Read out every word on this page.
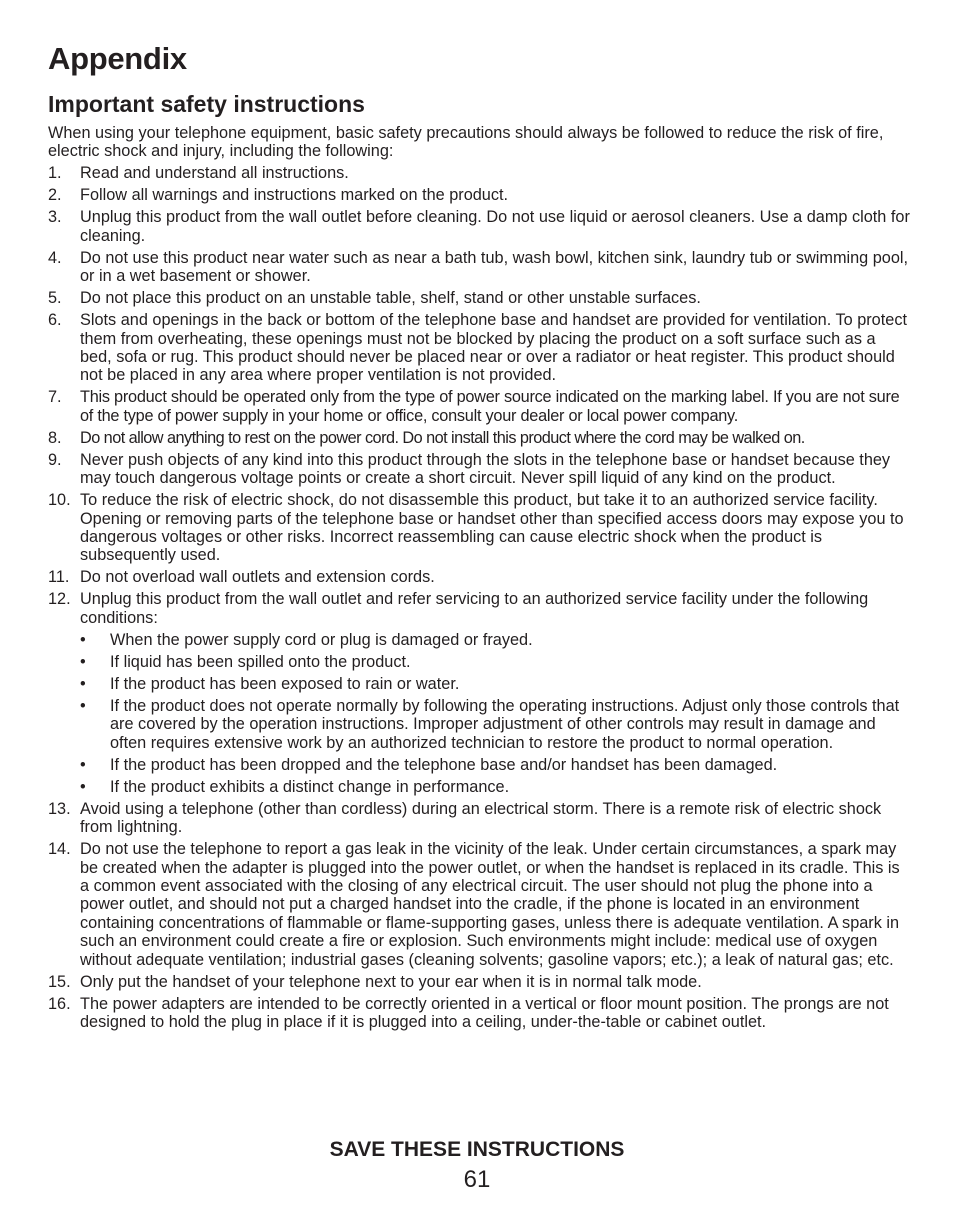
Appendix
Important safety instructions

When using your telephone equipment, basic safety precautions should always be followed to reduce the risk of fire, electric shock and injury, including the following:

1. Read and understand all instructions.
2. Follow all warnings and instructions marked on the product.
3. Unplug this product from the wall outlet before cleaning. Do not use liquid or aerosol cleaners. Use a damp cloth for cleaning.
4. Do not use this product near water such as near a bath tub, wash bowl, kitchen sink, laundry tub or swimming pool, or in a wet basement or shower.
5. Do not place this product on an unstable table, shelf, stand or other unstable surfaces.
6. Slots and openings in the back or bottom of the telephone base and handset are provided for ventilation. To protect them from overheating, these openings must not be blocked by placing the product on a soft surface such as a bed, sofa or rug. This product should never be placed near or over a radiator or heat register. This product should not be placed in any area where proper ventilation is not provided.
7. This product should be operated only from the type of power source indicated on the marking label. If you are not sure of the type of power supply in your home or office, consult your dealer or local power company.
8. Do not allow anything to rest on the power cord. Do not install this product where the cord may be walked on.
9. Never push objects of any kind into this product through the slots in the telephone base or handset because they may touch dangerous voltage points or create a short circuit. Never spill liquid of any kind on the product.
10. To reduce the risk of electric shock, do not disassemble this product, but take it to an authorized service facility. Opening or removing parts of the telephone base or handset other than specified access doors may expose you to dangerous voltages or other risks. Incorrect reassembling can cause electric shock when the product is subsequently used.
11. Do not overload wall outlets and extension cords.
12. Unplug this product from the wall outlet and refer servicing to an authorized service facility under the following conditions:
• When the power supply cord or plug is damaged or frayed.
• If liquid has been spilled onto the product.
• If the product has been exposed to rain or water.
• If the product does not operate normally by following the operating instructions. Adjust only those controls that are covered by the operation instructions. Improper adjustment of other controls may result in damage and often requires extensive work by an authorized technician to restore the product to normal operation.
• If the product has been dropped and the telephone base and/or handset has been damaged.
• If the product exhibits a distinct change in performance.
13. Avoid using a telephone (other than cordless) during an electrical storm. There is a remote risk of electric shock from lightning.
14. Do not use the telephone to report a gas leak in the vicinity of the leak. Under certain circumstances, a spark may be created when the adapter is plugged into the power outlet, or when the handset is replaced in its cradle. This is a common event associated with the closing of any electrical circuit. The user should not plug the phone into a power outlet, and should not put a charged handset into the cradle, if the phone is located in an environment containing concentrations of flammable or flame-supporting gases, unless there is adequate ventilation. A spark in such an environment could create a fire or explosion. Such environments might include: medical use of oxygen without adequate ventilation; industrial gases (cleaning solvents; gasoline vapors; etc.); a leak of natural gas; etc.
15. Only put the handset of your telephone next to your ear when it is in normal talk mode.
16. The power adapters are intended to be correctly oriented in a vertical or floor mount position. The prongs are not designed to hold the plug in place if it is plugged into a ceiling, under-the-table or cabinet outlet.
SAVE THESE INSTRUCTIONS
61
